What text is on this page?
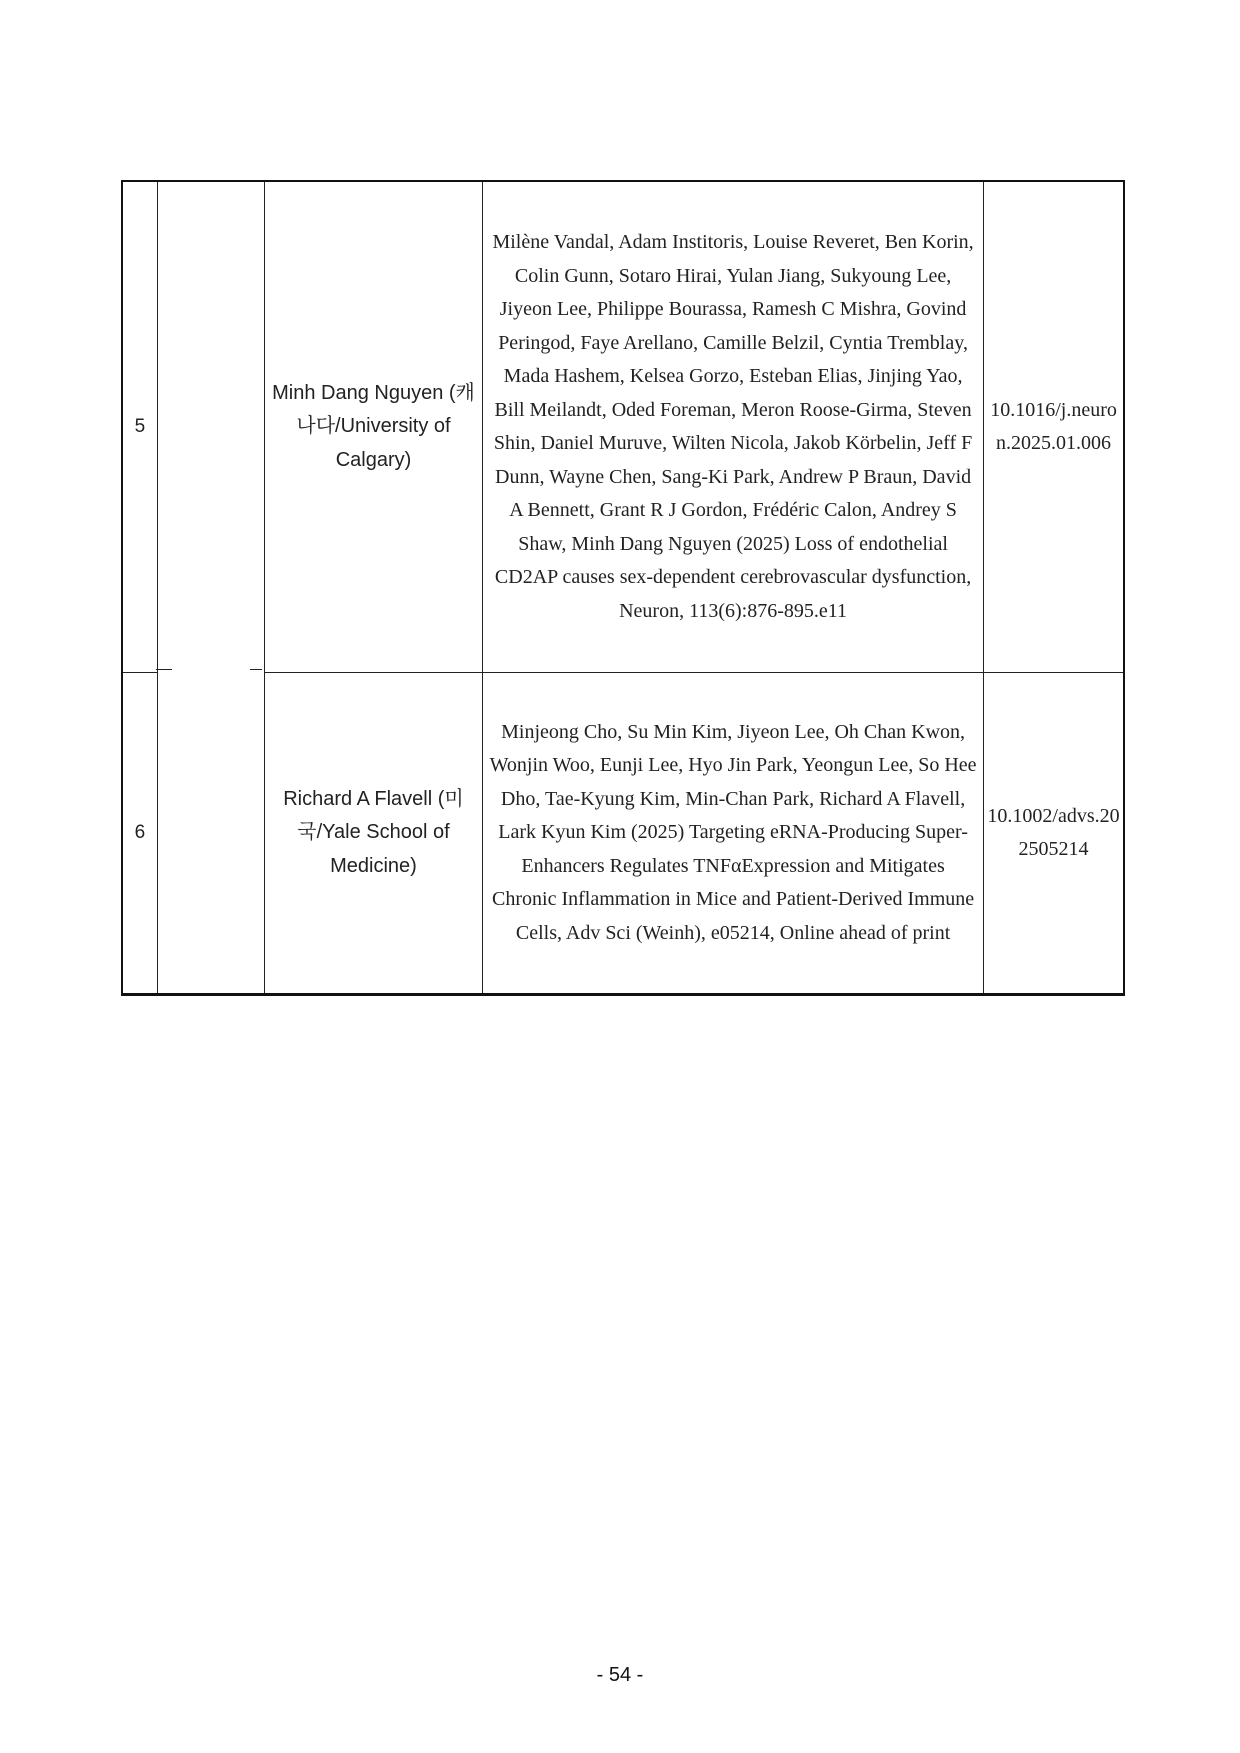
5		Minh Dang Nguyen (캐나다/University of Calgary)	Milène Vandal, Adam Institoris, Louise Reveret, Ben Korin, Colin Gunn, Sotaro Hirai, Yulan Jiang, Sukyoung Lee, Jiyeon Lee, Philippe Bourassa, Ramesh C Mishra, Govind Peringod, Faye Arellano, Camille Belzil, Cyntia Tremblay, Mada Hashem, Kelsea Gorzo, Esteban Elias, Jinjing Yao, Bill Meilandt, Oded Foreman, Meron Roose-Girma, Steven Shin, Daniel Muruve, Wilten Nicola, Jakob Körbelin, Jeff F Dunn, Wayne Chen, Sang-Ki Park, Andrew P Braun, David A Bennett, Grant R J Gordon, Frédéric Calon, Andrey S Shaw, Minh Dang Nguyen (2025) Loss of endothelial CD2AP causes sex-dependent cerebrovascular dysfunction, Neuron, 113(6):876-895.e11	10.1016/j.neuron.2025.01.006
6		Richard A Flavell (미국/Yale School of Medicine)	Minjeong Cho, Su Min Kim, Jiyeon Lee, Oh Chan Kwon, Wonjin Woo, Eunji Lee, Hyo Jin Park, Yeongun Lee, So Hee Dho, Tae-Kyung Kim, Min-Chan Park, Richard A Flavell, Lark Kyun Kim (2025) Targeting eRNA-Producing Super-Enhancers Regulates TNFαExpression and Mitigates Chronic Inflammation in Mice and Patient-Derived Immune Cells, Adv Sci (Weinh), e05214, Online ahead of print	10.1002/advs.202505214
- 54 -
